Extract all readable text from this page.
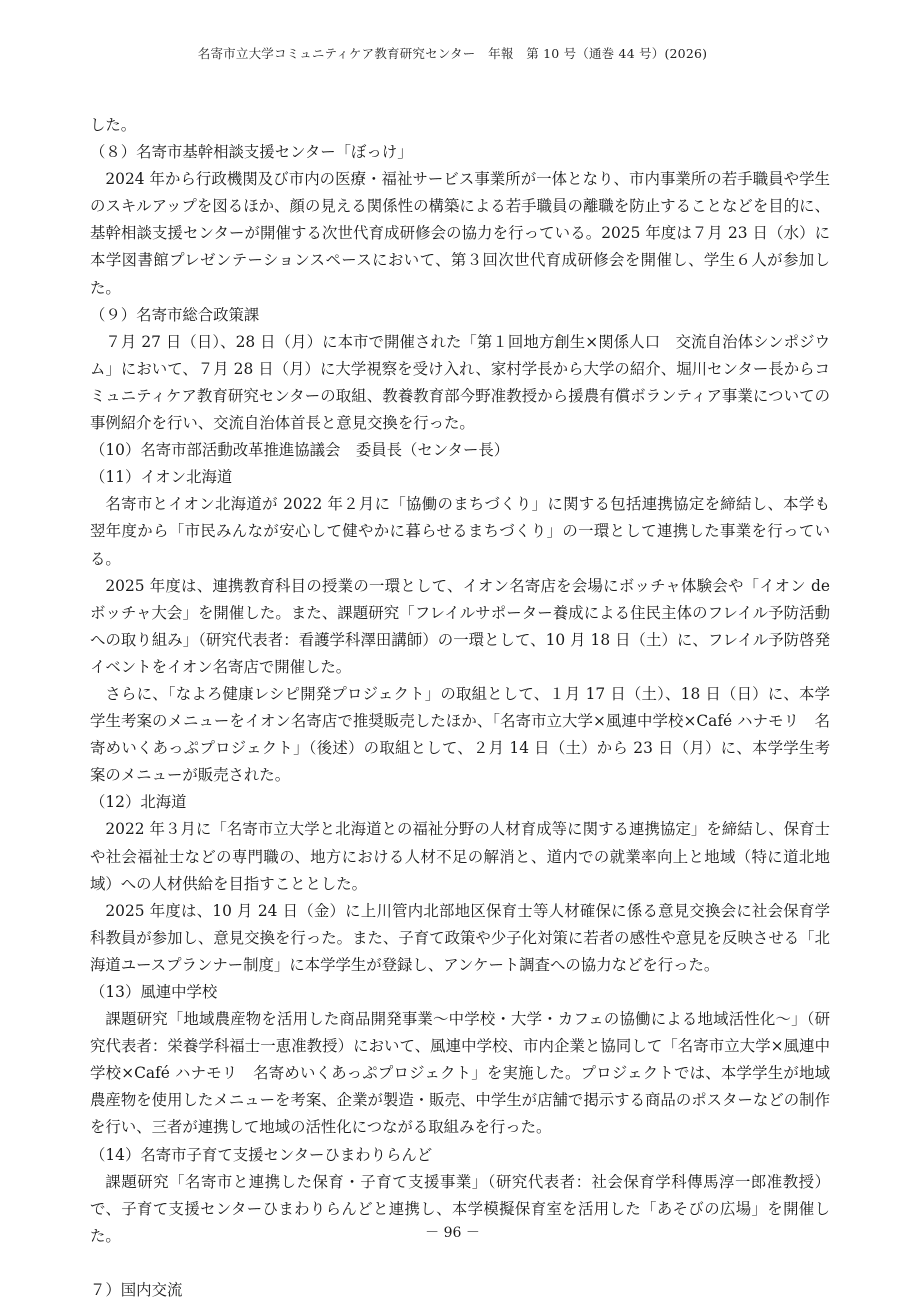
名寄市立大学コミュニティケア教育研究センター　年報　第 10 号（通巻 44 号）(2026)

した。

（８）名寄市基幹相談支援センター「ぼっけ」

2024 年から行政機関及び市内の医療・福祉サービス事業所が一体となり、市内事業所の若手職員や学生のスキルアップを図るほか、顔の見える関係性の構築による若手職員の離職を防止することなどを目的に、基幹相談支援センターが開催する次世代育成研修会の協力を行っている。2025 年度は７月 23 日（水）に本学図書館プレゼンテーションスペースにおいて、第３回次世代育成研修会を開催し、学生６人が参加した。

（９）名寄市総合政策課

７月 27 日（日）、28 日（月）に本市で開催された「第１回地方創生×関係人口　交流自治体シンポジウム」において、７月 28 日（月）に大学視察を受け入れ、家村学長から大学の紹介、堀川センター長からコミュニティケア教育研究センターの取組、教養教育部今野准教授から援農有償ボランティア事業についての事例紹介を行い、交流自治体首長と意見交換を行った。

（10）名寄市部活動改革推進協議会　委員長（センター長）

（11）イオン北海道

名寄市とイオン北海道が 2022 年２月に「協働のまちづくり」に関する包括連携協定を締結し、本学も翌年度から「市民みんなが安心して健やかに暮らせるまちづくり」の一環として連携した事業を行っている。

2025 年度は、連携教育科目の授業の一環として、イオン名寄店を会場にボッチャ体験会や「イオン de ボッチャ大会」を開催した。また、課題研究「フレイルサポーター養成による住民主体のフレイル予防活動への取り組み」（研究代表者：看護学科澤田講師）の一環として、10 月 18 日（土）に、フレイル予防啓発イベントをイオン名寄店で開催した。

さらに、「なよろ健康レシピ開発プロジェクト」の取組として、１月 17 日（土）、18 日（日）に、本学学生考案のメニューをイオン名寄店で推奨販売したほか、「名寄市立大学×風連中学校×Café ハナモリ　名寄めいくあっぷプロジェクト」（後述）の取組として、２月 14 日（土）から 23 日（月）に、本学学生考案のメニューが販売された。

（12）北海道

2022 年３月に「名寄市立大学と北海道との福祉分野の人材育成等に関する連携協定」を締結し、保育士や社会福祉士などの専門職の、地方における人材不足の解消と、道内での就業率向上と地域（特に道北地域）への人材供給を目指すこととした。

2025 年度は、10 月 24 日（金）に上川管内北部地区保育士等人材確保に係る意見交換会に社会保育学科教員が参加し、意見交換を行った。また、子育て政策や少子化対策に若者の感性や意見を反映させる「北海道ユースプランナー制度」に本学学生が登録し、アンケート調査への協力などを行った。

（13）風連中学校

課題研究「地域農産物を活用した商品開発事業〜中学校・大学・カフェの協働による地域活性化〜」（研究代表者：栄養学科福士一恵准教授）において、風連中学校、市内企業と協同して「名寄市立大学×風連中学校×Café ハナモリ　名寄めいくあっぷプロジェクト」を実施した。プロジェクトでは、本学学生が地域農産物を使用したメニューを考案、企業が製造・販売、中学生が店舗で掲示する商品のポスターなどの制作を行い、三者が連携して地域の活性化につながる取組みを行った。

（14）名寄市子育て支援センターひまわりらんど

課題研究「名寄市と連携した保育・子育て支援事業」（研究代表者：社会保育学科傳馬淳一郎准教授）で、子育て支援センターひまわりらんどと連携し、本学模擬保育室を活用した「あそびの広場」を開催した。

７）国内交流

－ 96 －
